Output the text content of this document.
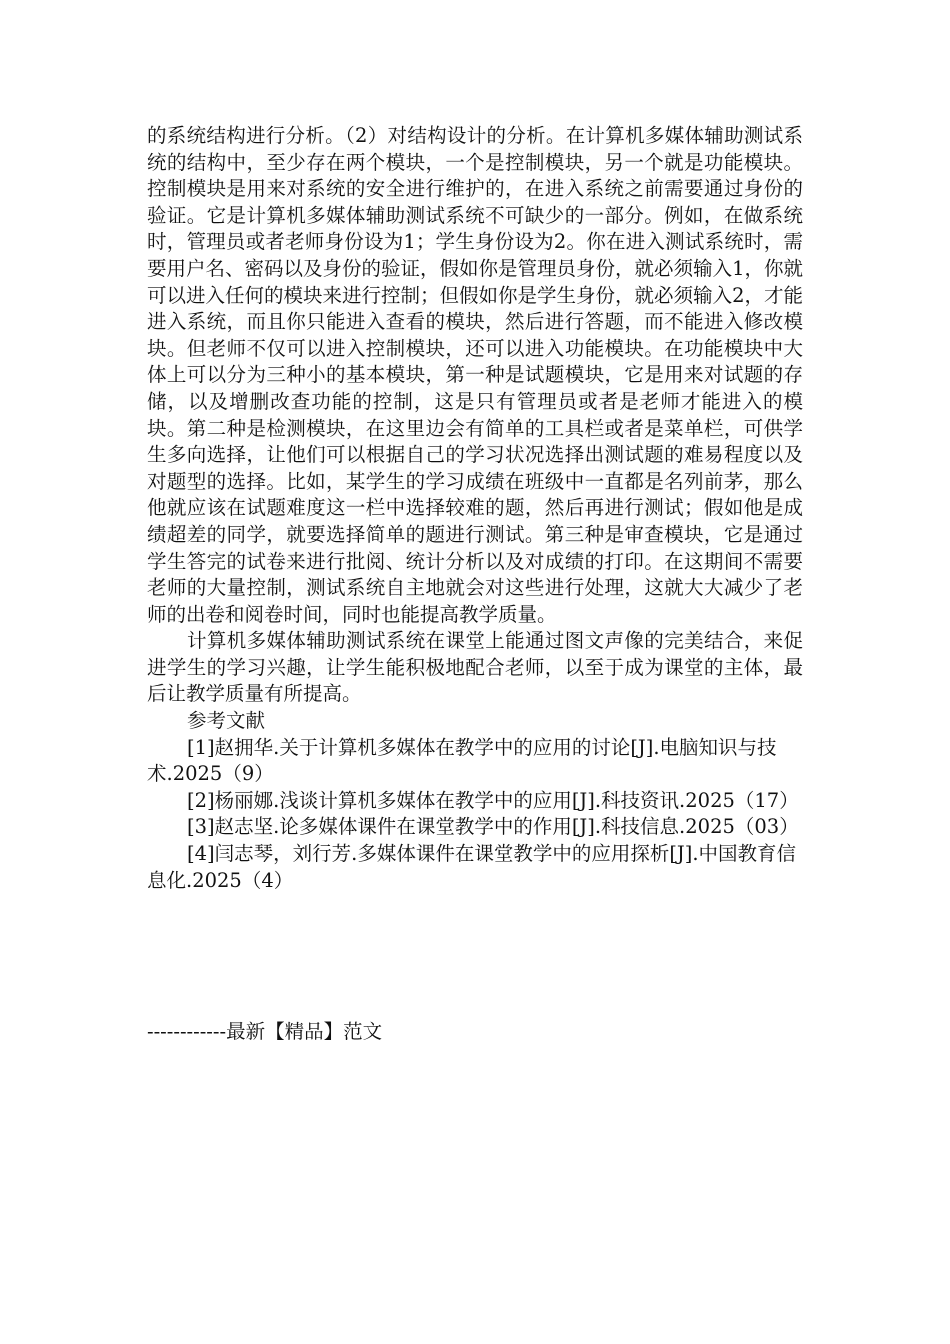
的系统结构进行分析。（2）对结构设计的分析。在计算机多媒体辅助测试系统的结构中，至少存在两个模块，一个是控制模块，另一个就是功能模块。控制模块是用来对系统的安全进行维护的，在进入系统之前需要通过身份的验证。它是计算机多媒体辅助测试系统不可缺少的一部分。例如，在做系统时，管理员或者老师身份设为1；学生身份设为2。你在进入测试系统时，需要用户名、密码以及身份的验证，假如你是管理员身份，就必须输入1，你就可以进入任何的模块来进行控制；但假如你是学生身份，就必须输入2，才能进入系统，而且你只能进入查看的模块，然后进行答题，而不能进入修改模块。但老师不仅可以进入控制模块，还可以进入功能模块。在功能模块中大体上可以分为三种小的基本模块，第一种是试题模块，它是用来对试题的存储，以及增删改查功能的控制，这是只有管理员或者是老师才能进入的模块。第二种是检测模块，在这里边会有简单的工具栏或者是菜单栏，可供学生多向选择，让他们可以根据自己的学习状况选择出测试题的难易程度以及对题型的选择。比如，某学生的学习成绩在班级中一直都是名列前茅，那么他就应该在试题难度这一栏中选择较难的题，然后再进行测试；假如他是成绩超差的同学，就要选择简单的题进行测试。第三种是审查模块，它是通过学生答完的试卷来进行批阅、统计分析以及对成绩的打印。在这期间不需要老师的大量控制，测试系统自主地就会对这些进行处理，这就大大减少了老师的出卷和阅卷时间，同时也能提高教学质量。

计算机多媒体辅助测试系统在课堂上能通过图文声像的完美结合，来促进学生的学习兴趣，让学生能积极地配合老师，以至于成为课堂的主体，最后让教学质量有所提高。

参考文献

[1]赵拥华.关于计算机多媒体在教学中的应用的讨论[J].电脑知识与技术.2025（9）

[2]杨丽娜.浅谈计算机多媒体在教学中的应用[J].科技资讯.2025（17）

[3]赵志坚.论多媒体课件在课堂教学中的作用[J].科技信息.2025（03）

[4]闫志琴，刘行芳.多媒体课件在课堂教学中的应用探析[J].中国教育信息化.2025（4）

------------最新【精品】范文
